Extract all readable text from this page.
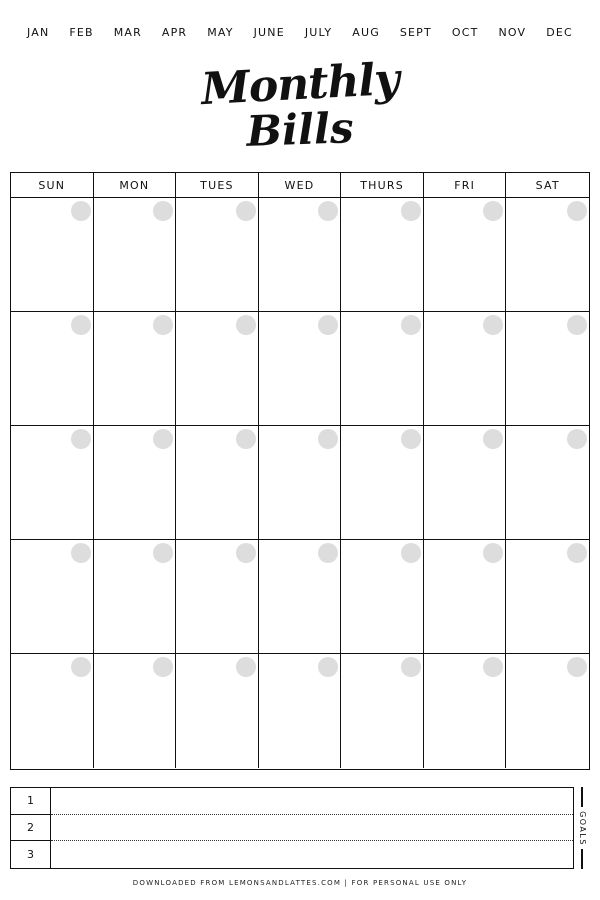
JAN FEB MAR APR MAY JUNE JULY AUG SEPT OCT NOV DEC
Monthly
Bills
SUN	MON	TUES	WED	THURS	FRI	SAT
1
2
3
GOALS
DOWNLOADED FROM LEMONSANDLATTES.COM | FOR PERSONAL USE ONLY
